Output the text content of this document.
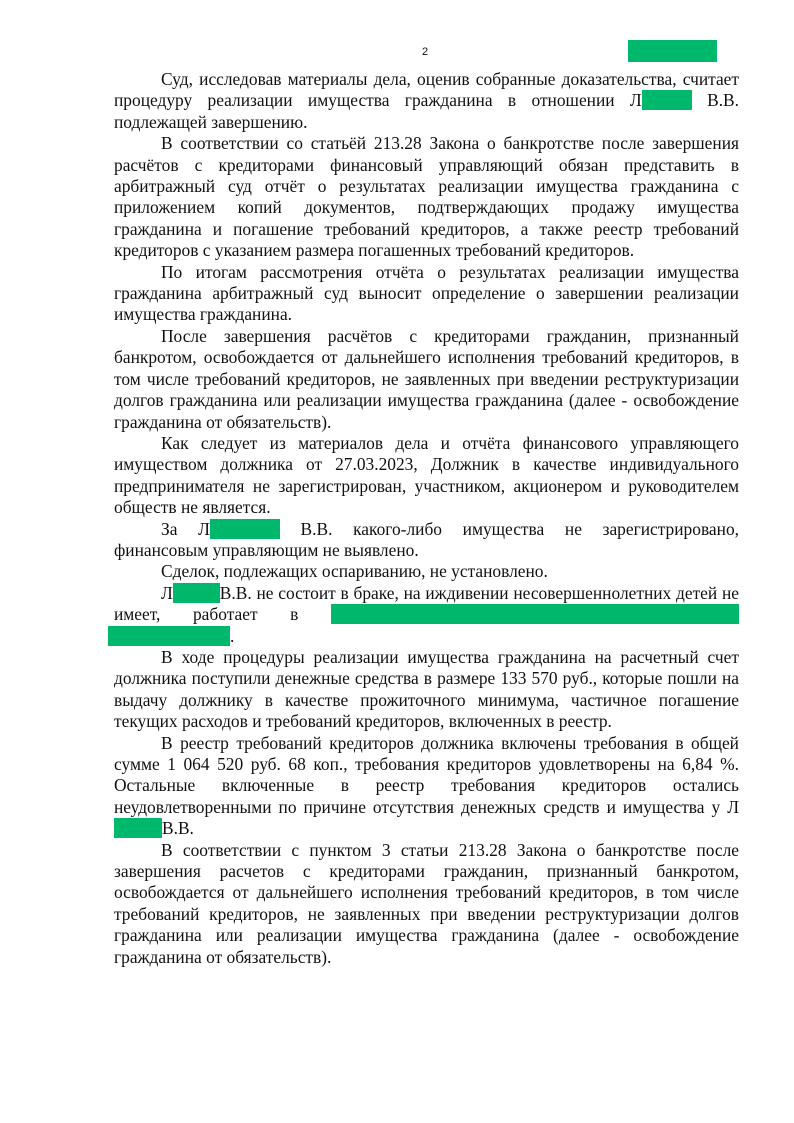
2

Суд, исследовав материалы дела, оценив собранные доказательства, считает процедуру реализации имущества гражданина в отношении Л	В.В. подлежащей завершению.

В соответствии со статьёй 213.28 Закона о банкротстве после завершения расчётов с кредиторами финансовый управляющий обязан представить в арбитражный суд отчёт о результатах реализации имущества гражданина с приложением копий документов, подтверждающих продажу имущества гражданина и погашение требований кредиторов, а также реестр требований кредиторов с указанием размера погашенных требований кредиторов.

По итогам рассмотрения отчёта о результатах реализации имущества гражданина арбитражный суд выносит определение о завершении реализации имущества гражданина.

После завершения расчётов с кредиторами гражданин, признанный банкротом, освобождается от дальнейшего исполнения требований кредиторов, в том числе требований кредиторов, не заявленных при введении реструктуризации долгов гражданина или реализации имущества гражданина (далее - освобождение гражданина от обязательств).

Как следует из материалов дела и отчёта финансового управляющего имуществом должника от 27.03.2023, Должник в качестве индивидуального предпринимателя не зарегистрирован, участником, акционером и руководителем обществ не является.

За Л	В.В. какого-либо имущества не зарегистрировано, финансовым управляющим не выявлено.

Сделок, подлежащих оспариванию, не установлено.

Л	В.В. не состоит в браке, на иждивении несовершеннолетних детей не имеет, работает в .

В ходе процедуры реализации имущества гражданина на расчетный счет должника поступили денежные средства в размере 133 570 руб., которые пошли на выдачу должнику в качестве прожиточного минимума, частичное погашение текущих расходов и требований кредиторов, включенных в реестр.

В реестр требований кредиторов должника включены требования в общей сумме 1 064 520 руб. 68 коп., требования кредиторов удовлетворены на 6,84 %. Остальные включенные в реестр требования кредиторов остались неудовлетворенными по причине отсутствия денежных средств и имущества у ЛВ.В.

В соответствии с пунктом 3 статьи 213.28 Закона о банкротстве после завершения расчетов с кредиторами гражданин, признанный банкротом, освобождается от дальнейшего исполнения требований кредиторов, в том числе требований кредиторов, не заявленных при введении реструктуризации долгов гражданина или реализации имущества гражданина (далее - освобождение гражданина от обязательств).
